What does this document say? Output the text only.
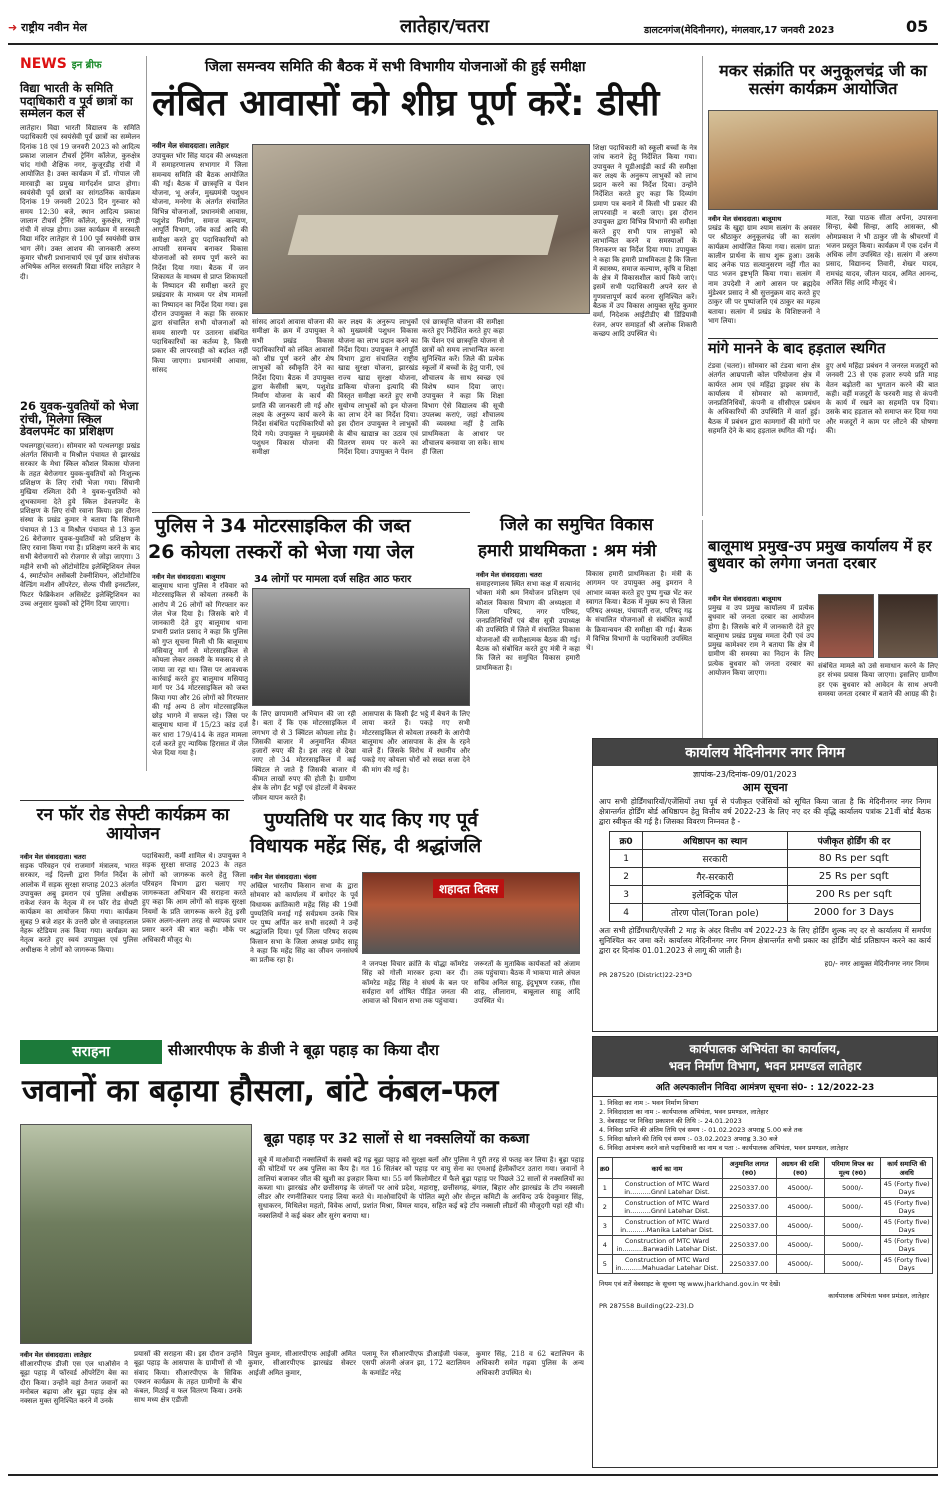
➜ राष्ट्रीय नवीन मेल	लातेहार/चतरा	डालटनगंज(मेदिनीनगर), मंगलवार,17 जनवरी 2023	05
NEWS इन ब्रीफ
विद्या भारती के समिति पदाधिकारी व पूर्व छात्रों का सम्मेलन कल से
लातेहार। विद्या भारती विद्यालय के समिति पदाधिकारी एवं स्वयंसेवी पूर्व छात्रों का सम्मेलन दिनांक 18 एवं 19 जनवरी 2023 को आदित्य प्रकाश जालान टीचर्स ट्रेनिंग कॉलेज, कुरुक्षेत्र चांद गांधी शैक्षिक नगर, कुजूरडीह रांची में आयोजित है। उक्त कार्यक्रम में डॉ. गोपाल जी मारवाड़ी का प्रमुख मार्गदर्शन प्राप्त होगा। स्वयंसेवी पूर्व छात्रों का सांगठनिक कार्यक्रम दिनांक 19 जनवरी 2023 दिन गुरुवार को समय 12:30 बजे, स्थान आदित्य प्रकाश जालान टीचर्स ट्रेनिंग कॉलेज, कुरुक्षेत्र, नगड़ी रांची में संपन्न होगा। उक्त कार्यक्रम में सरस्वती विद्या मंदिर लातेहार से 100 पूर्व स्वयंसेवी छात्र भाग लेंगे। उक्त आशय की जानकारी अरुण कुमार चौधरी प्रधानाचार्य एवं पूर्व छात्र संयोजक अभिषेक अनिल सरस्वती विद्या मंदिर लातेहार ने दी।
26 युवक-युवतियों को भेजा रांची, मिलेगा स्किल डेवलपमेंट का प्रशिक्षण
पथलगड्डा(चतरा)। सोमवार को पत्थलगड्डा प्रखंड अंतर्गत सिंघानी व मिश्रौल पंचायत से झारखंड सरकार के मेधा स्किल कौशल विकास योजना के तहत बेरोजगार युवक-युवतियों को निःशुल्क प्रशिक्षण के लिए रांची भेजा गया। सिंघानी मुखिया रश्मिता देवी ने युवक-युवतियों को शुभकामना देते हुये स्किल डेवलपमेंट के प्रशिक्षण के लिए रांची रवाना किया। इस दौरान संस्था के प्रखंड कुमार ने बताया कि सिंघानी पंचायत से 13 व मिश्रौल पंचायत से 13 कुल 26 बेरोजगार युवक-युवतियों को प्रशिक्षण के लिए रवाना किया गया है। प्रशिक्षण करने के बाद सभी बेरोजगारों को रोजगार से जोड़ा जाएगा। 3 महीने सभी को ऑटोमोटिव इलेक्ट्रिशियन लेवल 4, स्मार्टफोन असेंबली टेक्नीशियन, ऑटोमोटिव वेल्डिंग मशीन ऑपरेटर, सेल्फ पीसी इनस्टॉलर, फिटर फेब्रिकेशन असिस्टेंट इलेक्ट्रिशियन का उच्च अनुसार युवकों को ट्रेनिंग दिया जाएगा।
जिला समन्वय समिति की बैठक में सभी विभागीय योजनाओं की हुई समीक्षा
लंबित आवासों को शीघ्र पूर्ण करें: डीसी
नवीन मेल संवाददाता। लातेहार
उपायुक्त भोर सिंह यादव की अध्यक्षता में समाहरणालय सभागार में जिला समन्वय समिति की बैठक आयोजित की गई। बैठक में छात्रवृत्ति व पेंशन योजना, भू अर्जन, मुख्यमंत्री पशुधन योजना, मनरेगा के अंतर्गत संचालित विभिन्न योजनाओं, प्रधानमंत्री आवास, पशुशेड निर्माण, समाज कल्याण, आपूर्ति विभाग, जॉब कार्ड आदि की समीक्षा करते हुए पदाधिकारियों को आपसी समन्वय बनाकर विकास योजनाओं को समय पूर्ण करने का निर्देश दिया गया। बैठक में जन शिकायत के माध्यम से प्राप्त शिकायतों के निष्पादन की समीक्षा करते हुए प्रखंडवार के माध्यम पर शेष मामलों का निष्पादन का निर्देश दिया गया। इस दौरान उपायुक्त ने कहा कि सरकार द्वारा संचालित सभी योजनाओं को समय सारणी पर उतारना संबंधित पदाधिकारियों का कर्तव्य है, किसी प्रकार की लापरवाही को बर्दाश्त नहीं किया जाएगा। प्रधानमंत्री आवास, सांसद
सांसद आदर्श आवास योजना की समीक्षा के क्रम में उपायुक्त ने सभी प्रखंड विकास पदाधिकारियों को लंबित आवासों को शीघ्र पूर्ण करने और शेष लाभुकों को स्वीकृति देने का निर्देश दिया। बैठक में उपायुक्त द्वारा केसीसी ऋण, पशुशेड निर्माण योजना के कार्य की प्रगति की जानकारी ली गई और लक्ष्य के अनुरूप कार्य करने के निर्देश संबंधित पदाधिकारियों को दिये गये। उपायुक्त ने मुख्यमंत्री पशुधन विकास योजना की समीक्षा
कर लक्ष्य के अनुरूप लाभुकों को मुख्यमंत्री पशुधन विकास योजना का लाभ प्रदान करने का निर्देश दिया। उपायुक्त ने आपूर्ति विभाग द्वारा संचालित राष्ट्रीय खाद्य सुरक्षा योजना, झारखंड राज्य खाद्य सुरक्षा योजना, डाकिया योजना इत्यादि की विस्तृत समीक्षा करते हुए सभी सुयोग्य लाभुकों को इन योजना का लाभ देने का निर्देश दिया। इस दौरान उपायुक्त ने लाभुकों के बीच खाद्यान्न का उठाव एवं वितरण समय पर करने का निर्देश दिया। उपायुक्त ने पेंशन
एवं छात्रवृत्ति योजना की समीक्षा करते हुए निर्देशित करते हुए कहा कि पेंशन एवं छात्रवृत्ति योजना से छात्रों को समय लाभान्वित करना सुनिश्चित करें। जिले की प्रत्येक स्कूलों में बच्चों के हेतु पानी, एवं शौचालय के साथ स्वच्छ एवं विशेष ध्यान दिया जाए। उपायुक्त ने कहा कि शिक्षा विभाग ऐसे विद्यालय की सूची उपलब्ध कराएं, जहां शौचालय की व्यवस्था नहीं है ताकि प्राथमिकता के आधार पर शौचालय बनवाया जा सके। साथ ही जिला
शिक्षा पदाधिकारी को स्कूली बच्चों के नेत्र जांच कराने हेतु निर्देशित किया गया। उपायुक्त ने यूडीआईडी कार्ड की समीक्षा कर लक्ष्य के अनुरूप लाभुकों को लाभ प्रदान करने का निर्देश दिया। उन्होंने निर्देशित करते हुए कहा कि दिव्यांग प्रमाण पत्र बनाने में किसी भी प्रकार की लापरवाही न बरती जाए। इस दौरान उपायुक्त द्वारा विभिन्न विभागों की समीक्षा करते हुए सभी पात्र लाभुकों को लाभान्वित करने व समस्याओं के निराकरण का निर्देश दिया गया। उपायुक्त ने कहा कि हमारी प्राथमिकता है कि जिला में स्वास्थ्य, समाज कल्याण, कृषि व शिक्षा के क्षेत्र में विकासशील कार्य किये जाएं। इसमें सभी पदाधिकारी अपने स्तर से गुणवत्तापूर्ण कार्य करना सुनिश्चित करें। बैठक में उप विकास आयुक्त सुरेंद्र कुमार वर्मा, निदेशक आईटीडीए बी डिंडियावी रंजन, अपर समाहर्ता श्री अलोक शिकारी कच्छप आदि उपस्थित थे।
मकर संक्रांति पर अनुकूलचंद्र जी का सत्संग कार्यक्रम आयोजित
नवीन मेल संवाददाता। बालूमाथ
प्रखंड के खुद्दा ग्राम श्याम सत्संग के अवसर पर श्रीठाकुर अनुकूलचंद्र जी का सत्संग कार्यक्रम आयोजित किया गया। सत्संग प्रातः कालीन प्रार्थना के साथ शुरू हुआ। उसके बाद अनेक पाठ सत्यानुसरण नहीं गीत का पाठ भजन इष्टभृति किया गया। सत्संग में नाम उपदेशी ने आगे आसन पर ब्रह्मदेव मुंडेश्वर प्रसाद ने श्री सुत्तनुक्रम वाद करते हुए ठाकुर जी पर पुष्पांजलि एवं ठाकुर का महत्व बताया। सत्संग में प्रखंड के विशिष्टजनों ने भाग लिया।
माता, रेखा पाठक सीता अर्पना, उपासना सिन्हा, बेबी सिन्हा, आदि आसक्त, श्री ओमप्रकाश ने भी ठाकुर जी के श्रीचरणों में भजन प्रस्तुत किया। कार्यक्रम में एक दर्शन में अधिक लोग उपस्थित रहे। सत्संग में अरुण प्रसाद, विद्यानन्द तिवारी, शेखर यादव, रामचंद्र यादव, जीतन यादव, अमित आनन्द, अजित सिंह आदि मौजूद थे।
मांगे मानने के बाद हड़ताल स्थगित
टंडवा (चतरा)। सोमवार को टंडवा थाना क्षेत्र अंतर्गत आम्रपाली कोल परियोजना क्षेत्र में कार्यरत आम एवं महिंद्रा ड्राइवर संघ के कार्यालय में सोमवार को कामगारों, जनप्रतिनिधियों, कंपनी व सीसीएल प्रबंधन के अधिकारियों की उपस्थिति में वार्ता हुई। बैठक में प्रबंधन द्वारा कामगारों की मांगों पर सहमति देने के बाद हड़ताल स्थगित की गई।
हुए अर्थ महिंद्रा प्रबंधन ने जनरल मजदूरों को जनवरी 23 से एक हजार रुपये प्रति माह वेतन बढ़ोतरी का भुगतान करने की बात कही। वहीं मजदूरों के फरवरी माह से कंपनी के कार्य में रखने का सहमति पत्र दिया। उसके बाद हड़ताल को समाप्त कर दिया गया और मजदूरों ने काम पर लौटने की घोषणा की।
पुलिस ने 34 मोटरसाइकिल की जब्त
26 कोयला तस्करों को भेजा गया जेल
नवीन मेल संवाददाता। बालूमाथ
बालूमाथ थाना पुलिस ने रविवार को मोटरसाइकिल से कोयला तस्करी के आरोप में 26 लोगों को गिरफ्तार कर जेल भेज दिया है। जिसके बारे में जानकारी देते हुए बालूमाथ थाना प्रभारी प्रशांत प्रसाद ने कहा कि पुलिस को गुप्त सूचना मिली थी कि बालूमाथ मसियातू मार्ग से मोटरसाइकिल से कोयला लेकर तस्करी के मकसद से ले जाया जा रहा था। जिस पर आवश्यक कार्रवाई करते हुए बालूमाथ मसियातू मार्ग पर 34 मोटरसाइकिल को जब्त किया गया और 26 लोगों को गिरफ्तार की गई अन्य 8 लोग मोटरसाइकिल छोड़ भागने में सफल रहे। जिस पर बालूमाथ थाना में 15/23 कांड दर्ज कर धारा 179/414 के तहत मामला दर्ज करते हुए न्यायिक हिरासत में जेल भेज दिया गया है।
34 लोगों पर मामला दर्ज सहित आठ फरार
के लिए छापामारी अभियान की जा रही है। बता दें कि एक मोटरसाइकिल में लगभग दो से 3 क्विंटल कोयला लोड है। जिसकी बाजार में अनुमानित कीमत हजारों रुपए की है। इस तरह से देखा जाए तो 34 मोटरसाइकिल में कई क्विंटल ले जाते हैं जिसकी बाजार में कीमत लाखों रुपए की होती है। ग्रामीण क्षेत्र के लोग ईंट भट्ठों एवं होटलों में बेचकर जीवन यापन करते हैं।
आसपास के किसी ईंट भट्ठे में बेचने के लिए लाया करते हैं। पकड़े गए सभी मोटरसाइकिल से कोयला तस्करी के आरोपी बालूमाथ और आसपास के क्षेत्र के रहने वाले हैं। जिसके विरोध में स्थानीय और पकड़े गए कोयला चोरों को सख्त सजा देने की मांग की गई है।
जिले का समुचित विकास
हमारी प्राथमिकता : श्रम मंत्री
नवीन मेल संवाददाता। चतरा
समाहरणालय स्थित सभा कक्ष में सत्यानंद भोक्ता मंत्री श्रम नियोजन प्रशिक्षण एवं कौशल विकास विभाग की अध्यक्षता में जिला परिषद, नगर परिषद, जनप्रतिनिधियों एवं बीस सूत्री उपाध्यक्ष की उपस्थिति में जिले में संचालित विकास योजनाओं की समीक्षात्मक बैठक की गई। बैठक को संबोधित करते हुए मंत्री ने कहा कि जिले का समुचित विकास हमारी प्राथमिकता है।
विकास हमारी प्राथमिकता है। मंत्री के आगमन पर उपायुक्त अबु इमरान ने आभार व्यक्त करते हुए पुष्प गुच्छ भेंट कर स्वागत किया। बैठक में मुख्य रूप से जिला परिषद अध्यक्ष, पंचायती राज, परिषद् गढ़ के संचालित योजनाओं से संबंधित कार्यों के क्रियान्वयन की समीक्षा की गई। बैठक में विभिन्न विभागों के पदाधिकारी उपस्थित थे।
बालूमाथ प्रमुख-उप प्रमुख कार्यालय में हर बुधवार को लगेगा जनता दरबार
नवीन मेल संवाददाता। बालूमाथ
प्रमुख व उप प्रमुख कार्यालय में प्रत्येक बुधवार को जनता दरबार का आयोजन होगा है। जिसके बारे में जानकारी देते हुए बालूमाथ प्रखंड प्रमुख ममता देवी एवं उप प्रमुख कामेश्वर राम ने बताया कि क्षेत्र में ग्रामीण की समस्या का निदान के लिए प्रत्येक बुधवार को जनता दरबार का आयोजन किया जाएगा।
संबंधित मामले को उसे समाधान करने के लिए हर संभव प्रयास किया जाएगा। इसलिए ग्रामीण हर एक बुधवार को आवेदन के साथ अपनी समस्या जनता दरबार में बताने की आग्रह की है।
रन फॉर रोड सेफ्टी कार्यक्रम का आयोजन
नवीन मेल संवाददाता। चतरा
सड़क परिवहन एवं राजमार्ग मंत्रालय, भारत सरकार, नई दिल्ली द्वारा निर्गत निर्देश के आलोक में सड़क सुरक्षा सप्ताह 2023 अंतर्गत उपायुक्त अबु इमरान एवं पुलिस अधीक्षक राकेश रंजन के नेतृत्व में रन फॉर रोड सेफ्टी कार्यक्रम का आयोजन किया गया। कार्यक्रम सुबह 9 बजे शहर के उत्तरी छोर से जवाहरलाल नेहरू स्टेडियम तक किया गया। कार्यक्रम का नेतृत्व करते हुए स्वयं उपायुक्त एवं पुलिस अधीक्षक ने लोगों को जागरूक किया।
पदाधिकारी, कर्मी शामिल थे। उपायुक्त ने सड़क सुरक्षा सप्ताह 2023 के तहत लोगों को जागरूक करने हेतु जिला परिवहन विभाग द्वारा चलाए गए जागरूकता अभियान की सराहना करते हुए कहा कि आम लोगों को सड़क सुरक्षा नियमों के प्रति जागरूक करने हेतु इसी प्रकार अलग-अलग तरह से व्यापक प्रचार प्रसार करने की बात कही। मौके पर अधिकारी मौजूद थे।
पुण्यतिथि पर याद किए गए पूर्व
विधायक महेंद्र सिंह, दी श्रद्धांजलि
नवीन मेल संवाददाता। चंदवा
अखिल भारतीय किसान सभा के द्वारा सोमवार को कार्यालय में बगोदर के पूर्व विधायक क्रांतिकारी महेंद्र सिंह की 19वीं पुण्यतिथि मनाई गई सर्वप्रथम उनके चित्र पर पुष्प अर्पित कर सभी सदस्यों ने उन्हें श्रद्धांजलि दिया। पूर्व जिला परिषद सदस्य किसान सभा के जिला अध्यक्ष प्रमोद साहू ने कहा कि महेंद्र सिंह का जीवन जनसंघर्ष का प्रतीक रहा है।
शहादत दिवस
ने जनपक्ष विचार क्रांति के योद्धा कॉमरेड सिंह को गोली मारकर हत्या कर दी। कॉमरेड महेंद्र सिंह ने संघर्ष के बल पर सर्वहारा वर्ग शोषित पीड़ित जनता की आवाज को विधान सभा तक पहुंचाया।
जरूरतों के मुताबिक कार्यकर्ता को अंजाम तक पहुंचाया। बैठक में भाकपा माले अंचल सचिव अनिल साहू, इंदुभूषण रजक, ग़ौस शाह, लीलाराम, बाबूलाल साहू आदि उपस्थित थे।
कार्यालय मेदिनीनगर नगर निगम
ज्ञापांक-23/दिनांक-09/01/2023
आम सूचना
आप सभी होर्डिंगधारियों/एजेंसियों तथा पूर्व से पंजीकृत एजेंसियों को सूचित किया जाता है कि मेदिनीनगर नगर निगम क्षेत्रान्तर्गत होर्डिंग बोर्ड अधिष्ठापन हेतु वित्तीय वर्ष 2022-23 के लिए नए दर की वृद्धि कार्यालय पत्रांक 21वीं बोर्ड बैठक द्वारा स्वीकृत की गई है। जिसका विवरण निम्नवत है -
क्र0	अधिष्ठापन का स्थान	पंजीकृत होर्डिंग की दर
1	सरकारी	80 Rs per sqft
2	गैर-सरकारी	25 Rs per sqft
3	इलेक्ट्रिक पोल	200 Rs per sqft
4	तोरण पोल(Toran pole)	2000 for 3 Days
अतः सभी होर्डिंगधारी/एजेंसी 2 माह के अंदर वित्तीय वर्ष 2022-23 के लिए होर्डिंग शुल्क नए दर से कार्यालय में समर्पण सुनिश्चित कर जमा करें। कार्यालय मेदिनीनगर नगर निगम क्षेत्रान्तर्गत सभी प्रकार का होर्डिंग बोर्ड प्रतिष्ठापन करने का कार्य द्वारा दर दिनांक 01.01.2023 से लागू की जाती है।
ह0/- नगर आयुक्त मेदिनीनगर नगर निगम
PR 287520 (District)22-23*D
कार्यपालक अभियंता का कार्यालय,
भवन निर्माण विभाग, भवन प्रमण्डल लातेहार
अति अल्पकालीन निविदा आमंत्रण सूचना सं0- : 12/2022-23
1. निविदा का नाम :- भवन निर्माण विभाग
2. निविदादाता का नाम :- कार्यपालक अभियंता, भवन प्रमण्डल, लातेहार
3. वेबसाइट पर निविदा प्रकाशन की तिथि :- 24.01.2023
4. निविदा प्राप्ति की अंतिम तिथि एवं समय :- 01.02.2023 अपराह्न 5.00 बजे तक
5. निविदा खोलने की तिथि एवं समय :- 03.02.2023 अपराह्न 3.30 बजे
6. निविदा आमंत्रण करने वाले पदाधिकारी का नाम व पता :- कार्यपालक अभियंता, भवन प्रमण्डल, लातेहार
क्र0	कार्य का नाम	अनुमानित लागत (रु0)	अग्रधन की राशि (रु0)	परिमाण विपत्र का मूल्य (रु0)	कार्य समाप्ति की अवधि
1	Construction of MTC Ward in..........Gnnl Latehar Dist.	2250337.00	45000/-	5000/-	45 (Forty five) Days
2	Construction of MTC Ward in..........Gnnl Latehar Dist.	2250337.00	45000/-	5000/-	45 (Forty five) Days
3	Construction of MTC Ward in..........Manika Latehar Dist.	2250337.00	45000/-	5000/-	45 (Forty five) Days
4	Construction of MTC Ward in..........Barwadih Latehar Dist.	2250337.00	45000/-	5000/-	45 (Forty five) Days
5	Construction of MTC Ward in..........Mahuadar Latehar Dist.	2250337.00	45000/-	5000/-	45 (Forty five) Days
नियम एवं शर्तें वेबसाइट के सूचना पट्ट www.jharkhand.gov.in पर देखें।
कार्यपालक अभियंता भवन प्रमंडल, लातेहार
PR 287558 Building(22-23).D
सराहना	सीआरपीएफ के डीजी ने बूढ़ा पहाड़ का किया दौरा
जवानों का बढ़ाया हौसला, बांटे कंबल-फल
बूढ़ा पहाड़ पर 32 सालों से था नक्सलियों का कब्जा
सूबे में माओवादी नक्सलियों के सबसे बड़े गढ़ बूढ़ा पहाड़ को सुरक्षा बलों और पुलिस ने पूरी तरह से फतह कर लिया है। बूढ़ा पहाड़ की चोटियों पर अब पुलिस का कैंप है। गत 16 सितंबर को पहाड़ पर वायु सेना का एमआई हेलीकॉप्टर उतारा गया। जवानों ने तालियां बजाकर जीत की खुशी का इजहार किया था। 55 वर्ग किलोमीटर में फैले बूढ़ा पहाड़ पर पिछले 32 सालों से नक्सलियों का कब्जा था। झारखंड और छत्तीसगढ़ के जंगलों पर आधे प्रदेश, महाराष्ट्र, छत्तीसगढ़, बंगाल, बिहार और झारखंड के टॉप नक्सली लीडर और रणनीतिकार पनाह लिया करते थे। माओवादियों के पोलित ब्यूरो और सेन्ट्रल कमिटी के अरविन्द उर्फ देवकुमार सिंह, सुधाकरन, मिथिलेश महतो, विवेक आर्या, प्रशांत मिश्रा, विमल यादव, सहित कई बड़े टॉप नक्सली लीडरों की मौजूदगी यहां रही थी। नक्सलियों ने कई बंकर और सुरंग बनाया था।
नवीन मेल संवाददाता। लातेहार
सीआरपीएफ डीजी एस एल थाओसेन ने बूढ़ा पहाड़ में फॉरवर्ड ऑपरेटिंग बेस का दौरा किया। उन्होंने वहां तैनात जवानों का मनोबल बढ़ाया और बूढ़ा पहाड़ क्षेत्र को नक्सल मुक्त सुनिश्चित करने में उनके
प्रयासों की सराहना की। इस दौरान उन्होंने बूढ़ा पहाड़ के आसपास के ग्रामीणों से भी संवाद किया। सीआरपीएफ के सिविक एक्शन कार्यक्रम के तहत ग्रामीणों के बीच कंबल, मिठाई व फल वितरण किया। उनके साथ मध्य क्षेत्र एडीजी
विपुल कुमार, सीआरपीएफ आईजी अमित कुमार, सीआरपीएफ झारखंड सेक्टर आईजी अमित कुमार,
पलामू रेंज सीआरपीएफ डीआईजी पंकज, एसपी अंजनी अंजन झा, 172 बटालियन के कमांडेंट नरेंद्र
कुमार सिंह, 218 व 62 बटालियन के अधिकारी समेत गढ़वा पुलिस के अन्य अधिकारी उपस्थित थे।
